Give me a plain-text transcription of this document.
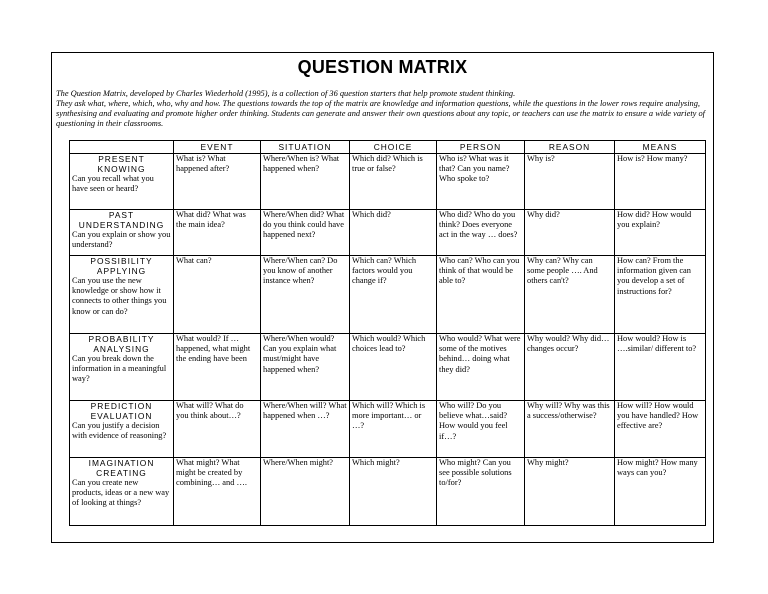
QUESTION MATRIX

The Question Matrix, developed by Charles Wiederhold (1995), is a collection of 36 question starters that help promote student thinking.

They ask what, where, which, who, why and how. The questions towards the top of the matrix are knowledge and information questions, while the questions in the lower rows require analysing, synthesising and evaluating and promote higher order thinking. Students can generate and answer their own questions about any topic, or teachers can use the matrix to ensure a wide variety of questioning in their classrooms.

	EVENT	SITUATION	CHOICE	PERSON	REASON	MEANS

PRESENT
KNOWING
Can you recall what you have seen or heard?	What is? What happened after?	Where/When is? What happened when?	Which did? Which is true or false?	Who is? What was it that? Can you name? Who spoke to?	Why is?	How is? How many?

PAST
UNDERSTANDING
Can you explain or show you understand?	What did? What was the main idea?	Where/When did? What do you think could have happened next?	Which did?	Who did? Who do you think? Does everyone act in the way … does?	Why did?	How did? How would you explain?

POSSIBILITY
APPLYING
Can you use the new knowledge or show how it connects to other things you know or can do?	What can?	Where/When can? Do you know of another instance when?	Which can? Which factors would you change if?	Who can? Who can you think of that would be able to?	Why can? Why can some people …. And others can't?	How can? From the information given can you develop a set of instructions for?

PROBABILITY
ANALYSING
Can you break down the information in a meaningful way?	What would? If …happened, what might the ending have been	Where/When would? Can you explain what must/might have happened when?	Which would? Which choices lead to?	Who would? What were some of the motives behind… doing what they did?	Why would? Why did…changes occur?	How would? How is ….similar/ different to?

PREDICTION
EVALUATION
Can you justify a decision with evidence of reasoning?	What will? What do you think about…?	Where/When will? What happened when …?	Which will? Which is more important… or …?	Who will? Do you believe what…said? How would you feel if…?	Why will? Why was this a success/otherwise?	How will? How would you have handled? How effective are?

IMAGINATION
CREATING
Can you create new products, ideas or a new way of looking at things?	What might? What might be created by combining… and ….	Where/When might?	Which might?	Who might? Can you see possible solutions to/for?	Why might?	How might? How many ways can you?
